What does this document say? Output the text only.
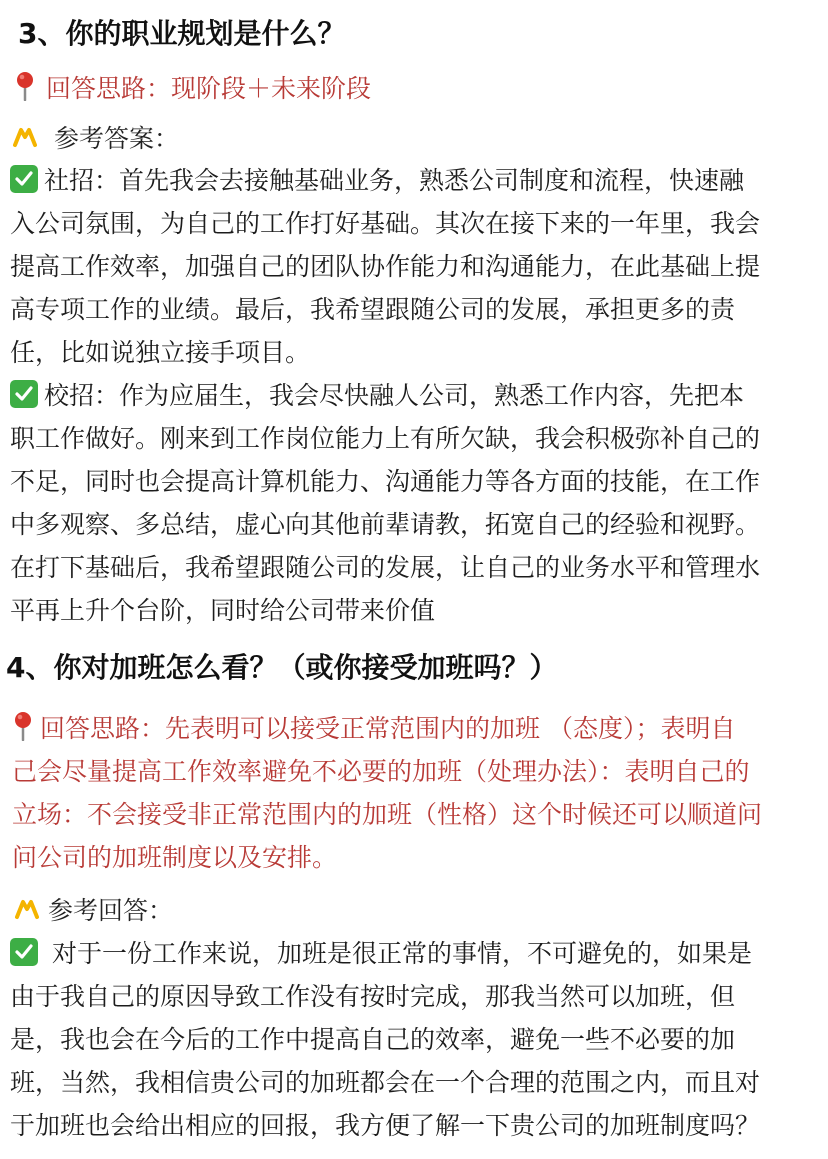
3、你的职业规划是什么？
回答思路：现阶段＋未来阶段
参考答案：
社招：首先我会去接触基础业务，熟悉公司制度和流程，快速融
入公司氛围，为自己的工作打好基础。其次在接下来的一年里，我会
提高工作效率，加强自己的团队协作能力和沟通能力，在此基础上提
高专项工作的业绩。最后，我希望跟随公司的发展，承担更多的责
任，比如说独立接手项目。
校招：作为应届生，我会尽快融人公司，熟悉工作内容，先把本
职工作做好。刚来到工作岗位能力上有所欠缺，我会积极弥补自己的
不足，同时也会提高计算机能力、沟通能力等各方面的技能，在工作
中多观察、多总结，虚心向其他前辈请教，拓宽自己的经验和视野。
在打下基础后，我希望跟随公司的发展，让自己的业务水平和管理水
平再上升个台阶，同时给公司带来价值
4、你对加班怎么看？（或你接受加班吗？）
回答思路：先表明可以接受正常范围内的加班 （态度）；表明自
己会尽量提高工作效率避免不必要的加班（处理办法）：表明自己的
立场：不会接受非正常范围内的加班（性格）这个时候还可以顺道问
问公司的加班制度以及安排。
参考回答：
对于一份工作来说，加班是很正常的事情，不可避免的，如果是
由于我自己的原因导致工作没有按时完成，那我当然可以加班，但
是，我也会在今后的工作中提高自己的效率，避免一些不必要的加
班，当然，我相信贵公司的加班都会在一个合理的范围之内，而且对
于加班也会给出相应的回报，我方便了解一下贵公司的加班制度吗？
